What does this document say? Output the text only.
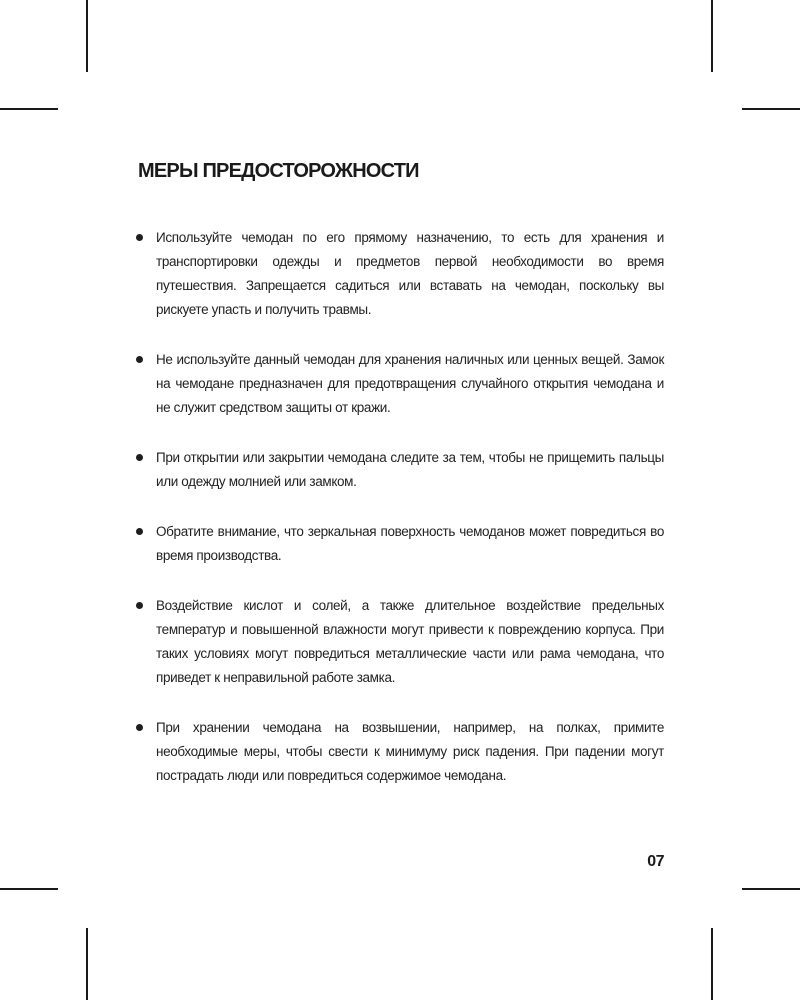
МЕРЫ ПРЕДОСТОРОЖНОСТИ
Используйте чемодан по его прямому назначению, то есть для хранения и транспортировки одежды и предметов первой необходимости во время путешествия. Запрещается садиться или вставать на чемодан, поскольку вы рискуете упасть и получить травмы.
Не используйте данный чемодан для хранения наличных или ценных вещей. Замок на чемодане предназначен для предотвращения случайного открытия чемодана и не служит средством защиты от кражи.
При открытии или закрытии чемодана следите за тем, чтобы не прищемить пальцы или одежду молнией или замком.
Обратите внимание, что зеркальная поверхность чемоданов может повредиться во время производства.
Воздействие кислот и солей, а также длительное воздействие предельных температур и повышенной влажности могут привести к повреждению корпуса. При таких условиях могут повредиться металлические части или рама чемодана, что приведет к неправильной работе замка.
При хранении чемодана на возвышении, например, на полках, примите необходимые меры, чтобы свести к минимуму риск падения. При падении могут пострадать люди или повредиться содержимое чемодана.
07
